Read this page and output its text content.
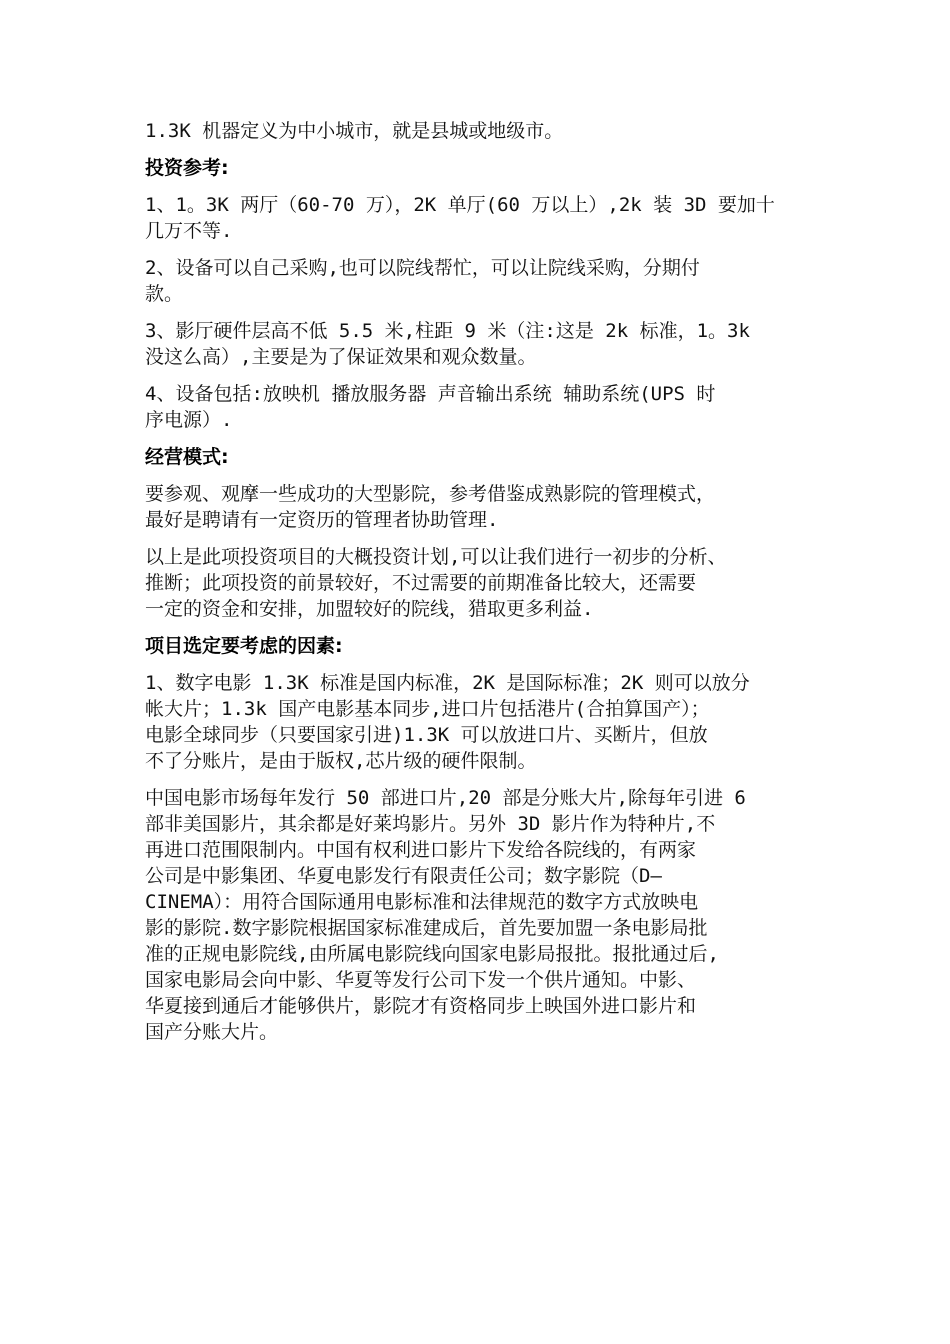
1.3K 机器定义为中小城市，就是县城或地级市。

投资参考:

1、1。3K 两厅（60-70 万），2K 单厅(60 万以上）,2k 装 3D 要加十
几万不等.

2、设备可以自己采购,也可以院线帮忙，可以让院线采购，分期付
款。

3、影厅硬件层高不低 5.5 米,柱距 9 米（注:这是 2k 标准，1。3k
没这么高）,主要是为了保证效果和观众数量。

4、设备包括:放映机 播放服务器 声音输出系统 辅助系统(UPS 时
序电源）.

经营模式:

要参观、观摩一些成功的大型影院，参考借鉴成熟影院的管理模式，
最好是聘请有一定资历的管理者协助管理.

以上是此项投资项目的大概投资计划,可以让我们进行一初步的分析、
推断；此项投资的前景较好，不过需要的前期准备比较大，还需要
一定的资金和安排，加盟较好的院线，猎取更多利益.

项目选定要考虑的因素:

1、数字电影 1.3K 标准是国内标准，2K 是国际标准；2K 则可以放分
帐大片；1.3k 国产电影基本同步,进口片包括港片(合拍算国产）；
电影全球同步（只要国家引进)1.3K 可以放进口片、买断片，但放
不了分账片，是由于版权,芯片级的硬件限制。

中国电影市场每年发行 50 部进口片,20 部是分账大片,除每年引进 6
部非美国影片，其余都是好莱坞影片。另外 3D 影片作为特种片,不
再进口范围限制内。中国有权利进口影片下发给各院线的，有两家
公司是中影集团、华夏电影发行有限责任公司；数字影院（D—
CINEMA）：用符合国际通用电影标准和法律规范的数字方式放映电
影的影院.数字影院根据国家标准建成后，首先要加盟一条电影局批
准的正规电影院线,由所属电影院线向国家电影局报批。报批通过后,
国家电影局会向中影、华夏等发行公司下发一个供片通知。中影、
华夏接到通后才能够供片，影院才有资格同步上映国外进口影片和
国产分账大片。
